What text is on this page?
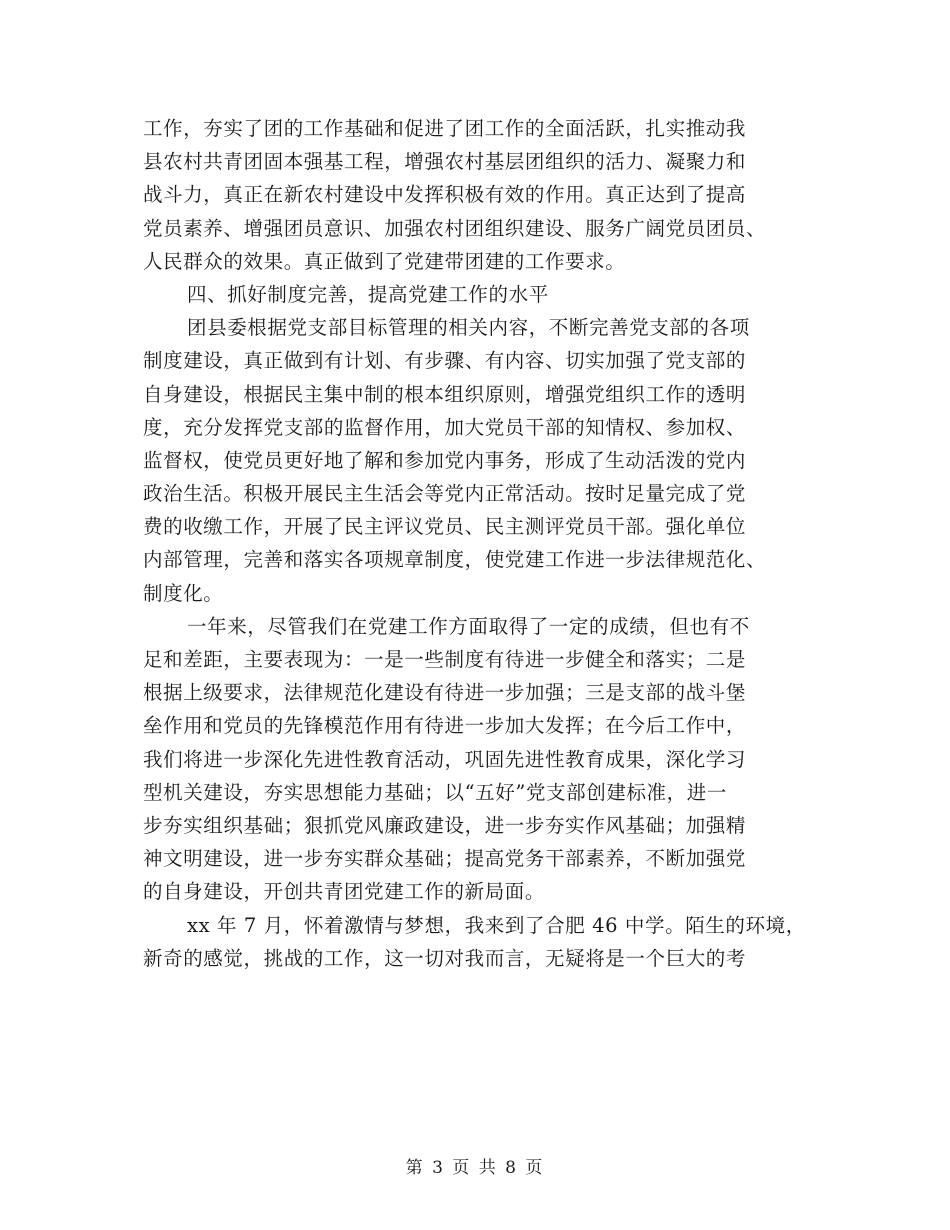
工作，夯实了团的工作基础和促进了团工作的全面活跃，扎实推动我
县农村共青团固本强基工程，增强农村基层团组织的活力、凝聚力和
战斗力，真正在新农村建设中发挥积极有效的作用。真正达到了提高
党员素养、增强团员意识、加强农村团组织建设、服务广阔党员团员、
人民群众的效果。真正做到了党建带团建的工作要求。
四、抓好制度完善，提高党建工作的水平
团县委根据党支部目标管理的相关内容，不断完善党支部的各项
制度建设，真正做到有计划、有步骤、有内容、切实加强了党支部的
自身建设，根据民主集中制的根本组织原则，增强党组织工作的透明
度，充分发挥党支部的监督作用，加大党员干部的知情权、参加权、
监督权，使党员更好地了解和参加党内事务，形成了生动活泼的党内
政治生活。积极开展民主生活会等党内正常活动。按时足量完成了党
费的收缴工作，开展了民主评议党员、民主测评党员干部。强化单位
内部管理，完善和落实各项规章制度，使党建工作进一步法律规范化、
制度化。
一年来，尽管我们在党建工作方面取得了一定的成绩，但也有不
足和差距，主要表现为：一是一些制度有待进一步健全和落实；二是
根据上级要求，法律规范化建设有待进一步加强；三是支部的战斗堡
垒作用和党员的先锋模范作用有待进一步加大发挥；在今后工作中，
我们将进一步深化先进性教育活动，巩固先进性教育成果，深化学习
型机关建设，夯实思想能力基础；以“五好”党支部创建标准，进一
步夯实组织基础；狠抓党风廉政建设，进一步夯实作风基础；加强精
神文明建设，进一步夯实群众基础；提高党务干部素养，不断加强党
的自身建设，开创共青团党建工作的新局面。
xx 年 7 月，怀着激情与梦想，我来到了合肥 46 中学。陌生的环境，
新奇的感觉，挑战的工作，这一切对我而言，无疑将是一个巨大的考
第 3 页 共 8 页
